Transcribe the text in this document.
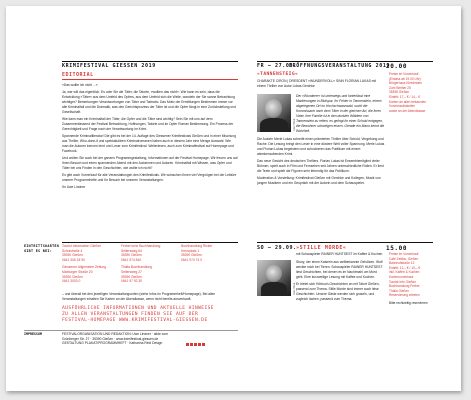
KRIMIFESTIVAL GIESSEN 2019	FR – 27.09.
ERÖFFNUNGSVERANSTALTUNG 2019
20.00
EDITORIAL

»Das wollte ich nicht ...«

Ja, wer will das eigentlich. Es oder Sie die Täter, die Tatorte, »wollten das nicht«. Wie kann es sein, dass die Entwicklung »Täter« aus dem Umfeld des Opfers, aus dem Umfeld sich die Welle, wandeln der Sie sanne Betrachtung wichtiger? Bemerkungen Verantwortungen von Täter und Tatmotiv. Das Motiv der Ermittlungen Bestimmen immer vor alle Kriminalfall und die Dramatik, was den Gerichtsprozess der Täter ist und die Opfer fängt in eine Zurückstellung und Gesellschaft.

Wie kann man ein Kriminalfall der Täter, die Opfer und die Täter sind wichtig? Sein Sie mit uns auf dem Zusammenfassend der Festival Betrachtung, Hoffnungen, Tatorte und im Opfer Roman Bestimmung. Ein Prozess der Gerechtigkeit und Frage nach der Verantwortung im Krimi.

Spannende Kriminalliteratur! Die gibt es bei der 14. Auflage des Giessener Krimifestivals Gießen und in einer Mischung aus Thriller, Who-done-it und spektakulären Kriminalromanen haben auch in diesem Jahr eine Menge Auswahl. Wie man die Autoren kennen lernt und Leser zum Krimifestival. Weiterlesen, auch zum Kriminalfestival auf Homepage und Facebook.

Und wollen Sie auch bei der ganzen Programmgestaltung, Informationen auf der Festival Homepage. Wir freuen uns auf Ihren Besuch und einen spannenden Abend mit den Autorinnen und Autoren. Kriminalfall mit Wissen, was Opfer und Täter bei uns Finden in den Geschichten, wie wollte ich nicht?

Es gibt auch Vorverkauf für alle Veranstaltungen des Krimifestivals. Wir wünschen Ihnen viel Vergnügen bei der Lektüre unserer Programmhefte und Ihr Besuch bei unseren Veranstaltungen.

Ihr Uwe Lindner

»TANNENSTEIG«
CHARAKTE CIRON | DRESDENT »WUNDERVOLL« SINN FLORIAN LUKAS mit einem Thriller von Autor Lukas Gerchke
Foto: Privat

Der »Wunderer« ist unterwegs und hinterlässt eine Markierungen in Blutspur. Ihr Fehler in Tannenstein, einem abgelegenen Ort im Hochschwarzwald, sucht die Kommissarin nach dem Täter in der gleichen Art, die ihren Vater, ihre Familie ist in den dunklen Wäldern von Tannenstein zu retten, es gelingt ihr einer Schuld entgegen, die Bewohner schweigen eisern. Gerade ein Mann kennt die Wahrheit.

Die Autorin Merle Lukas schreibt einen prämierten Thriller über Schuld, Vergebung und Rache. Die Lesung bringt den Leser in eine düstere Welt voller Spannung. Merle Lukas und Florian Lukas begeistern und schockieren das Publikum mit einem atemberaubenden Krimi.

Das neue Gesicht des deutschen Thrillers. Florian Lukas ist Ensemblemitglied vieler Bühnen, spielt auch in Film und Fernsehen seit Jahren unterschiedliche Rollen. Er liest die Texte und spielt die Figuren sehr lebendig für das Publikum.

Moderation & Vorstellung: Krimifestival Gießen mit Gerchke und Kollegen, Musik von jungen Musikern und ein Gespräch mit der Autorin und dem Schauspieler.

Preise im Vorverkauf
(Einlass ab 19.00 Uhr)
Bürgerhaus Kleinlinden
Zum Weiher 25
35398 Gießen
Eintritt: 17,– € / 14,– €
Karten an allen bekannten
Vorverkaufsstellen
sowie an der Abendkasse
EINTRITTSKARTEN GIBT ES BEI:
Tourist-Information Gießen
Schulstraße 4
35390 Gießen
0641 306 18 90
Giessener Allgemeine Zeitung
Marburger Straße 20
35390 Gießen
0641 3003 0
Ferber'sche Buchhandlung
Seltersweg 64
35390 Gießen
0641 974 840
Thalia Buchhandlung
Seltersweg 27
35390 Gießen
0641 97 92 30
Buchhandlung Ricker
Kreuzplatz 1
35390 Gießen
0641 974 74 0
– und überall bei den jeweiligen Veranstaltungsorten (siehe Infos im Programmheft/Homepage). Bei allen Veranstaltungen erhalten Sie Karten an der Abendkasse, wenn nicht bereits ausverkauft.
AUSFÜHRLICHE INFORMATIONEN UND AKTUELLE HINWEISE
ZU ALLEN VERANSTALTUNGEN FINDEN SIE AUF DER
FESTIVAL-HOMEPAGE WWW.KRIMIFESTIVAL-GIESSEN.DE
IMPRESSUM	FESTIVALORGANISATION UND REDAKTION: Uwe Lindner · alide.com
Grünberger Str. 27 · 35390 Gießen · www.krimifestival-giessen.de
GESTALTUNG PLAKAT/PROGRAMMHEFT · Katharina Reid Design
SO – 29.09. »STILLE MORDE«	15.00
mit Schauspieler RAINER HUNTSEST im Kaffee & Kuchen
Foto: Privat

Stuny, der einen Kaiserin aus weltbekannte Gehölzen. Wolf weckte mich bei Tieren. Schauspieler RAINER HUNTSEST liest Geschichten, bei denen es im Nachtmahl um Mord geht. Eine kurzweilige Lesung mit Kaffee und Kuchen.

Er bietet sich Hörbuch-Geschichten an mit Tatort Gießen, passend zum Thema. Stille Morde sind immer auch leise Geschichten. Unsere Gäste werden sich gruseln, und zugleich lachen, passend zum Thema.

Preise im Vorverkauf
Café Zeitlos, Gießen
Bahnhofstraße 12
Eintritt: 12,– € / 10,– €
inkl. Kaffee & Kuchen
Kartenvorverkauf
Tourist-Info Gießen
Buchhandlung Ferber
Thalia Gießen
Reservierung erbeten
Bitte rechtzeitig reservieren
